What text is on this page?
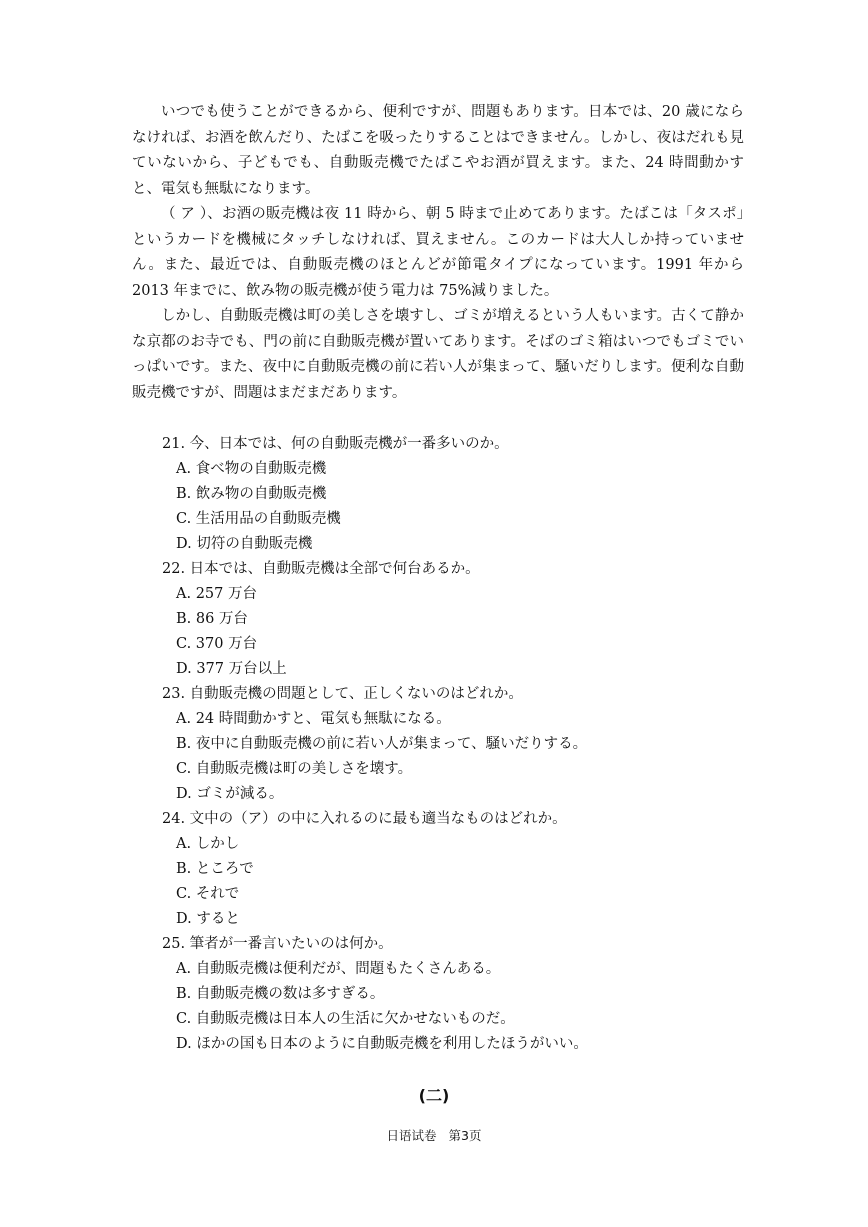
いつでも使うことができるから、便利ですが、問題もあります。日本では、20 歳にならなければ、お酒を飲んだり、たばこを吸ったりすることはできません。しかし、夜はだれも見ていないから、子どもでも、自動販売機でたばこやお酒が買えます。また、24 時間動かすと、電気も無駄になります。

（ ア ）、お酒の販売機は夜 11 時から、朝 5 時まで止めてあります。たばこは「タスポ」というカードを機械にタッチしなければ、買えません。このカードは大人しか持っていません。また、最近では、自動販売機のほとんどが節電タイプになっています。1991 年から 2013 年までに、飲み物の販売機が使う電力は 75%減りました。

しかし、自動販売機は町の美しさを壊すし、ゴミが増えるという人もいます。古くて静かな京都のお寺でも、門の前に自動販売機が置いてあります。そばのゴミ箱はいつでもゴミでいっぱいです。また、夜中に自動販売機の前に若い人が集まって、騒いだりします。便利な自動販売機ですが、問題はまだまだあります。

21. 今、日本では、何の自動販売機が一番多いのか。
A. 食べ物の自動販売機
B. 飲み物の自動販売機
C. 生活用品の自動販売機
D. 切符の自動販売機
22. 日本では、自動販売機は全部で何台あるか。
A. 257 万台
B. 86 万台
C. 370 万台
D. 377 万台以上
23. 自動販売機の問題として、正しくないのはどれか。
A. 24 時間動かすと、電気も無駄になる。
B. 夜中に自動販売機の前に若い人が集まって、騒いだりする。
C. 自動販売機は町の美しさを壊す。
D. ゴミが減る。
24. 文中の（ア）の中に入れるのに最も適当なものはどれか。
A. しかし
B. ところで
C. それで
D. すると
25. 筆者が一番言いたいのは何か。
A. 自動販売機は便利だが、問題もたくさんある。
B. 自動販売機の数は多すぎる。
C. 自動販売機は日本人の生活に欠かせないものだ。
D. ほかの国も日本のように自動販売機を利用したほうがいい。
(二)
日语试卷 第3页
